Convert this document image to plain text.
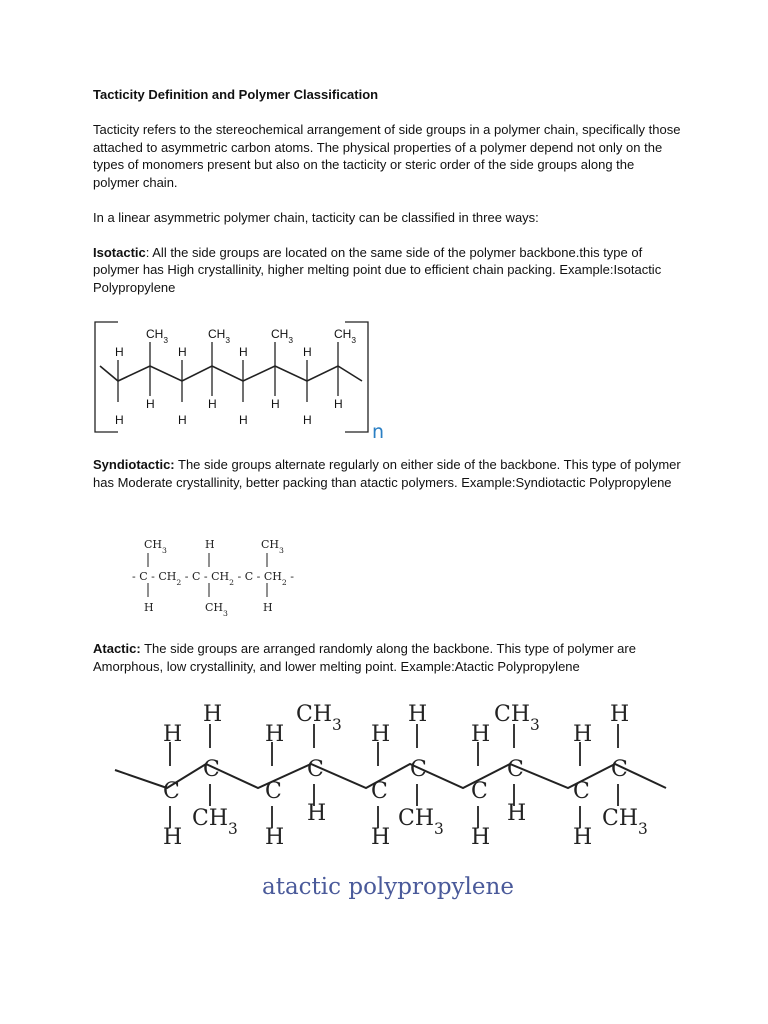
Tacticity Definition and Polymer Classification
Tacticity refers to the stereochemical arrangement of side groups in a polymer chain, specifically those attached to asymmetric carbon atoms. The physical properties of a polymer depend not only on the types of monomers present but also on the tacticity or steric order of the side groups along the polymer chain.
In a linear asymmetric polymer chain, tacticity can be classified in three ways:
Isotactic: All the side groups are located on the same side of the polymer backbone.this type of polymer has High crystallinity, higher melting point due to efficient chain packing. Example:Isotactic Polypropylene
$CH_3$	$CH_3$	$CH_3$	$CH_3$
H	H	H	H
H	H	H	H
H	H	H	H
n
Syndiotactic: The side groups alternate regularly on either side of the backbone. This type of polymer has Moderate crystallinity, better packing than atactic polymers. Example:Syndiotactic Polypropylene
$CH_3$	H	$CH_3$
- C - $CH_2$ - C - $CH_2$ - C - $CH_2$ -
H	$CH_3$	H
Atactic: The side groups are arranged randomly along the backbone. This type of polymer are Amorphous, low crystallinity, and lower melting point. Example:Atactic Polypropylene
H	$CH_3$	H	$CH_3$	H
H	H	H	H	H
C
C
C
C
C
C
C
C
C
C
$CH_3$
H	$CH_3$
H	$CH_3$
H	H	H	H	H
atactic polypropylene
